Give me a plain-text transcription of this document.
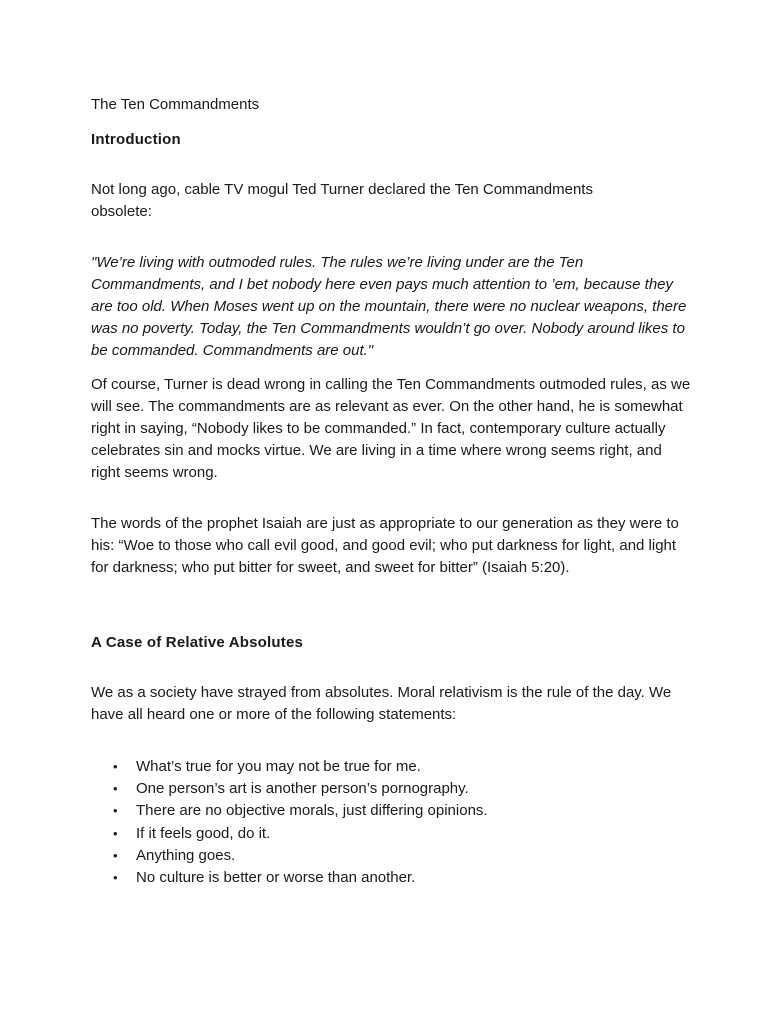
The Ten Commandments

Introduction

Not long ago, cable TV mogul Ted Turner declared the Ten Commandments obsolete:

"We’re living with outmoded rules. The rules we’re living under are the Ten Commandments, and I bet nobody here even pays much attention to ’em, because they are too old. When Moses went up on the mountain, there were no nuclear weapons, there was no poverty. Today, the Ten Commandments wouldn’t go over. Nobody around likes to be commanded. Commandments are out."

Of course, Turner is dead wrong in calling the Ten Commandments outmoded rules, as we will see. The commandments are as relevant as ever. On the other hand, he is somewhat right in saying, “Nobody likes to be commanded.” In fact, contemporary culture actually celebrates sin and mocks virtue. We are living in a time where wrong seems right, and right seems wrong.

The words of the prophet Isaiah are just as appropriate to our generation as they were to his: “Woe to those who call evil good, and good evil; who put darkness for light, and light for darkness; who put bitter for sweet, and sweet for bitter” (Isaiah 5:20).

A Case of Relative Absolutes

We as a society have strayed from absolutes. Moral relativism is the rule of the day. We have all heard one or more of the following statements:

• What’s true for you may not be true for me.
• One person’s art is another person’s pornography.
• There are no objective morals, just differing opinions.
• If it feels good, do it.
• Anything goes.
• No culture is better or worse than another.
